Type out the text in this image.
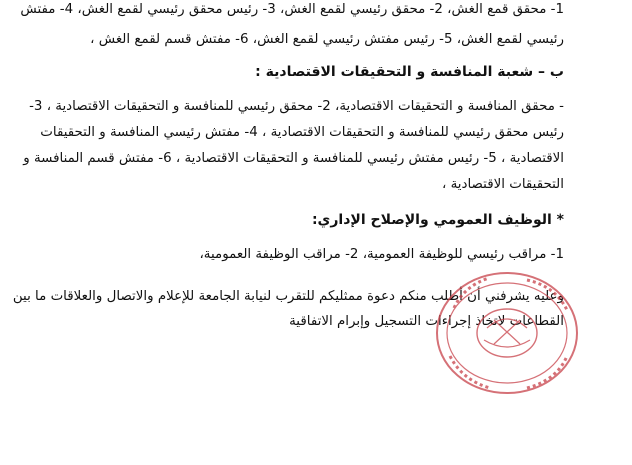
1- محقق قمع الغش، 2- محقق رئيسي لقمع الغش، 3- رئيس محقق رئيسي لقمع الغش، 4- مفتش
رئيسي لقمع الغش، 5- رئيس مفتش رئيسي لقمع الغش، 6- مفتش قسم لقمع الغش ،
ب – شعبة المنافسة و التحقيقات الاقتصادية :
- محقق المنافسة و التحقيقات الاقتصادية، 2- محقق رئيسي للمنافسة و التحقيقات الاقتصادية ، 3-
رئيس محقق رئيسي للمنافسة و التحقيقات الاقتصادية ، 4- مفتش رئيسي المنافسة و التحقيقات
الاقتصادية ، 5- رئيس مفتش رئيسي للمنافسة و التحقيقات الاقتصادية ، 6- مفتش قسم المنافسة و
التحقيقات الاقتصادية ،
* الوظيف العمومي والإصلاح الإداري:
1- مراقب رئيسي للوظيفة العمومية، 2- مراقب الوظيفة العمومية،
وعليه يشرفني أن أطلب منكم دعوة ممثليكم للتقرب لنيابة الجامعة للإعلام والاتصال والعلاقات ما بين
القطاعات لاتخاذ إجراءات التسجيل وإبرام الاتفاقية
